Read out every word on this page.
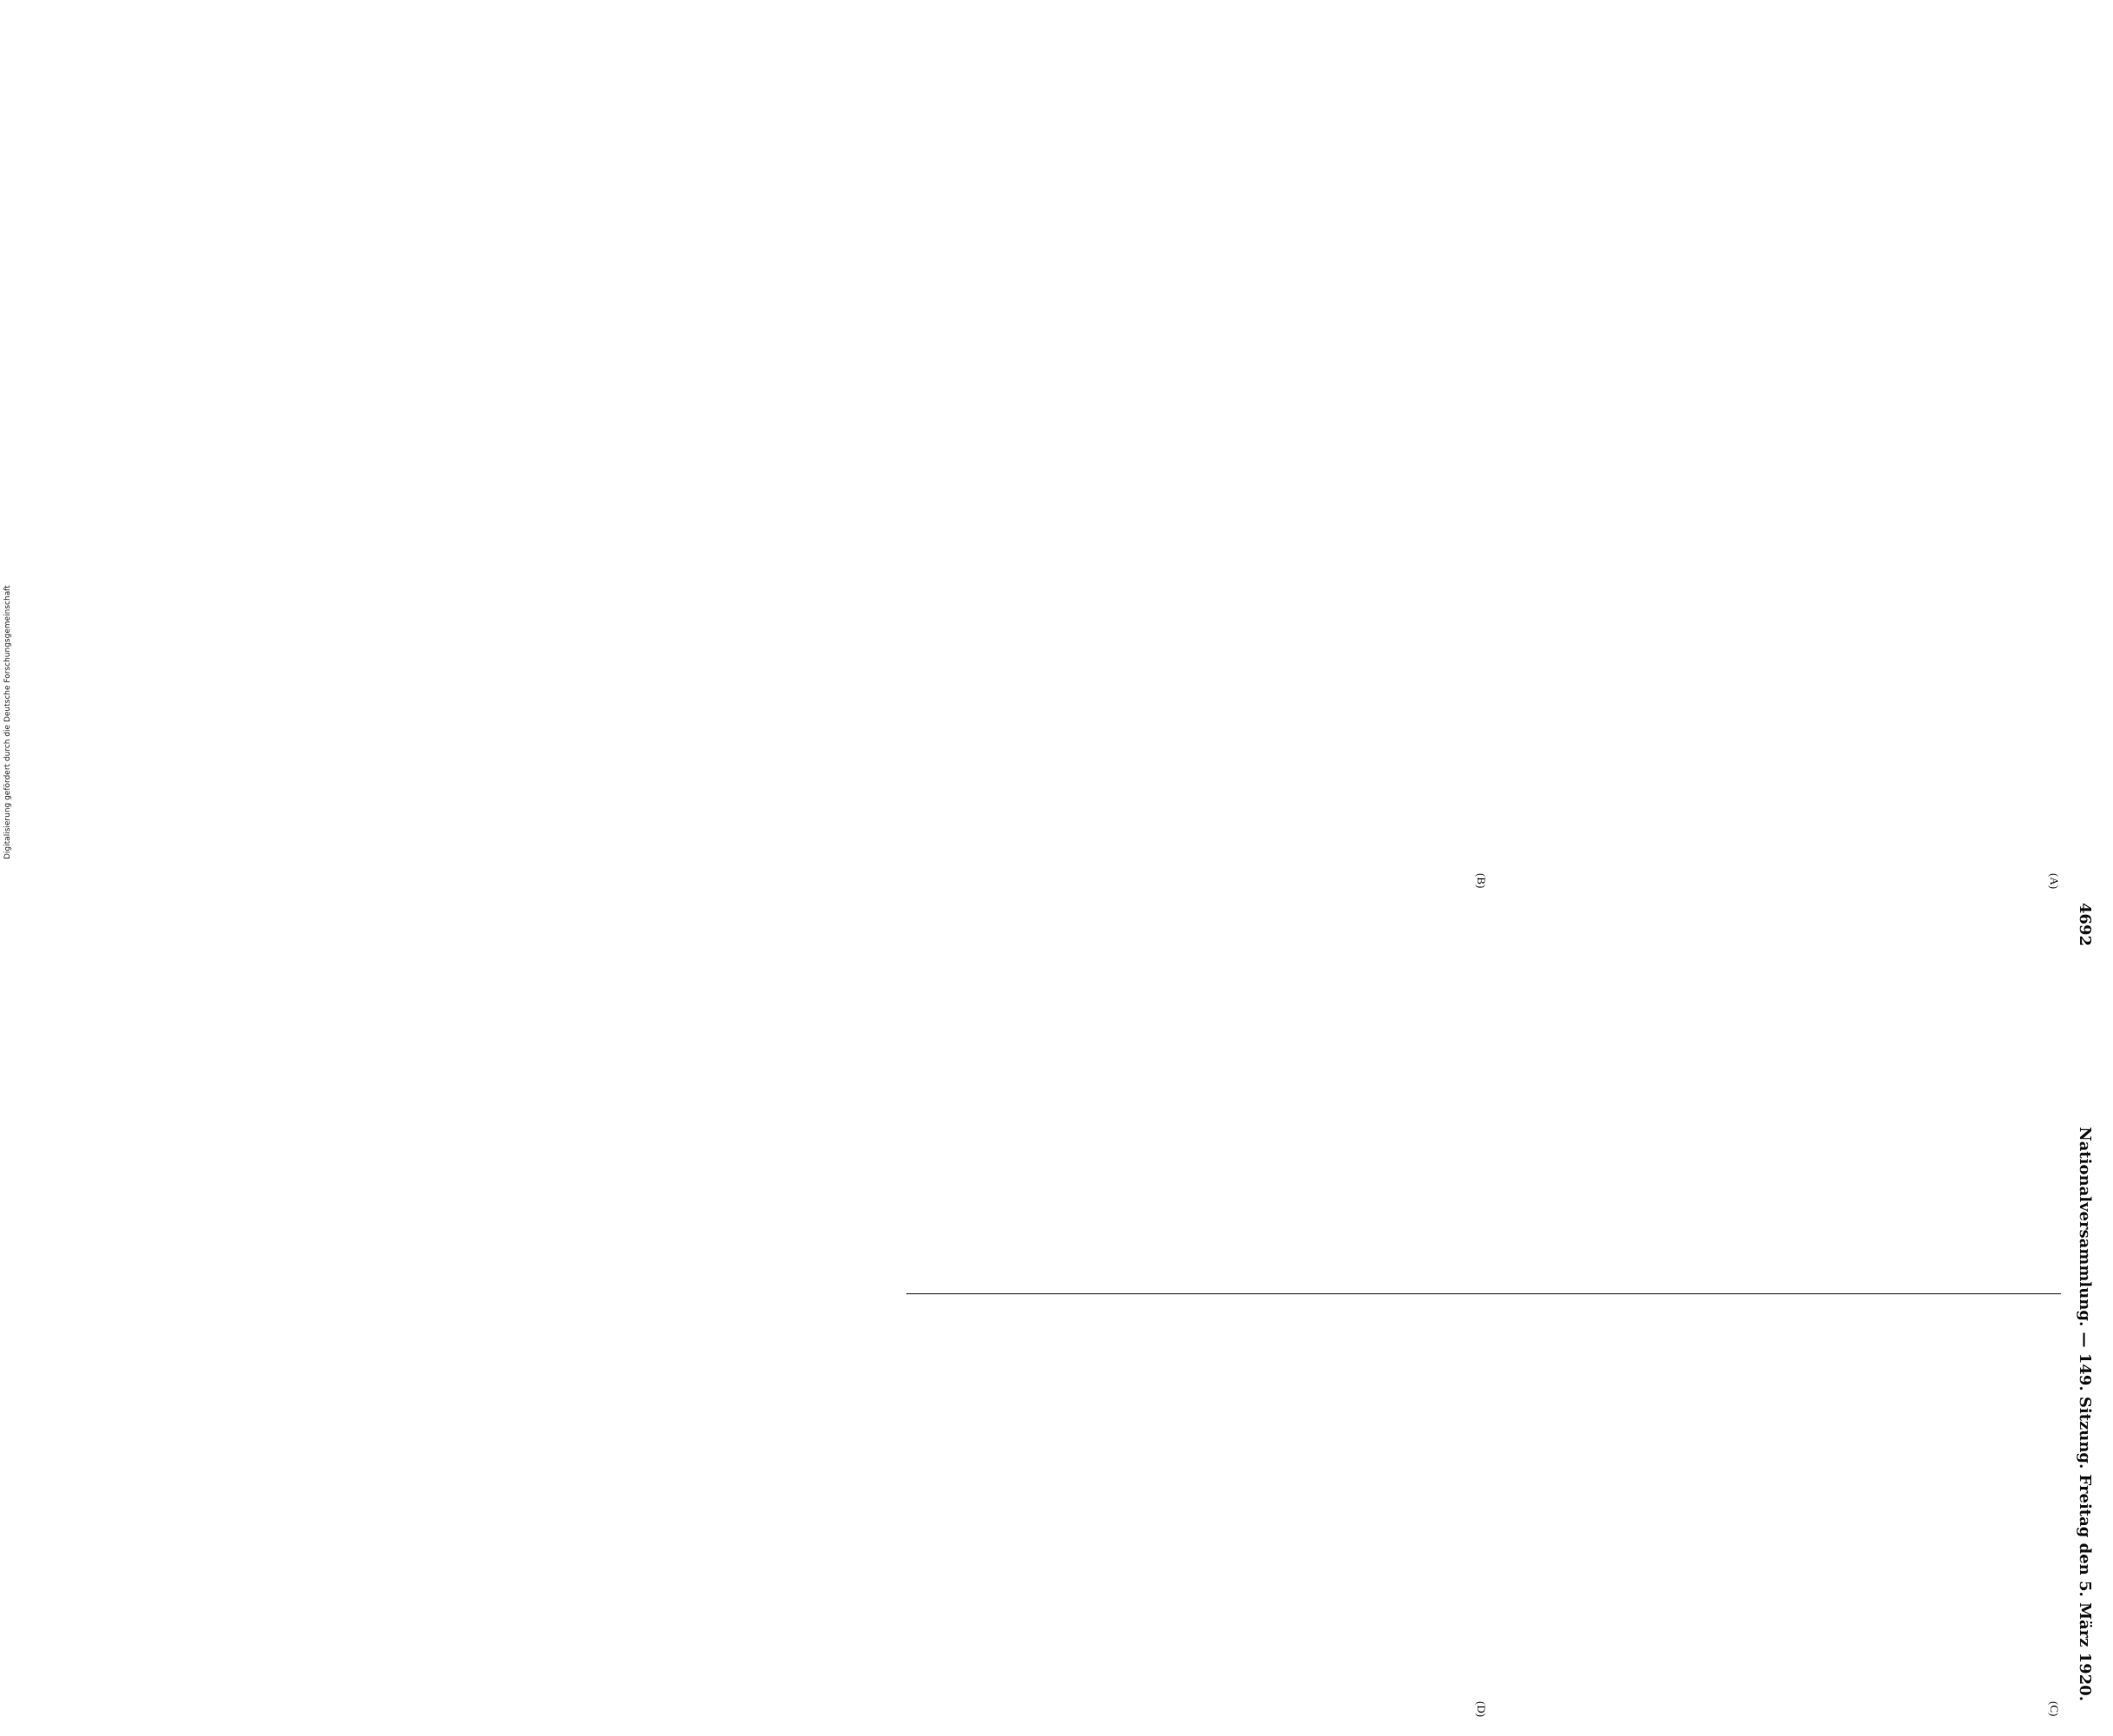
4692
Nationalversammlung. — 149. Sitzung. Freitag den 5. März 1920.
(A)
(B)
(C)
(D)
Digitalisierung gefördert durch die Deutsche Forschungsgemeinschaft
